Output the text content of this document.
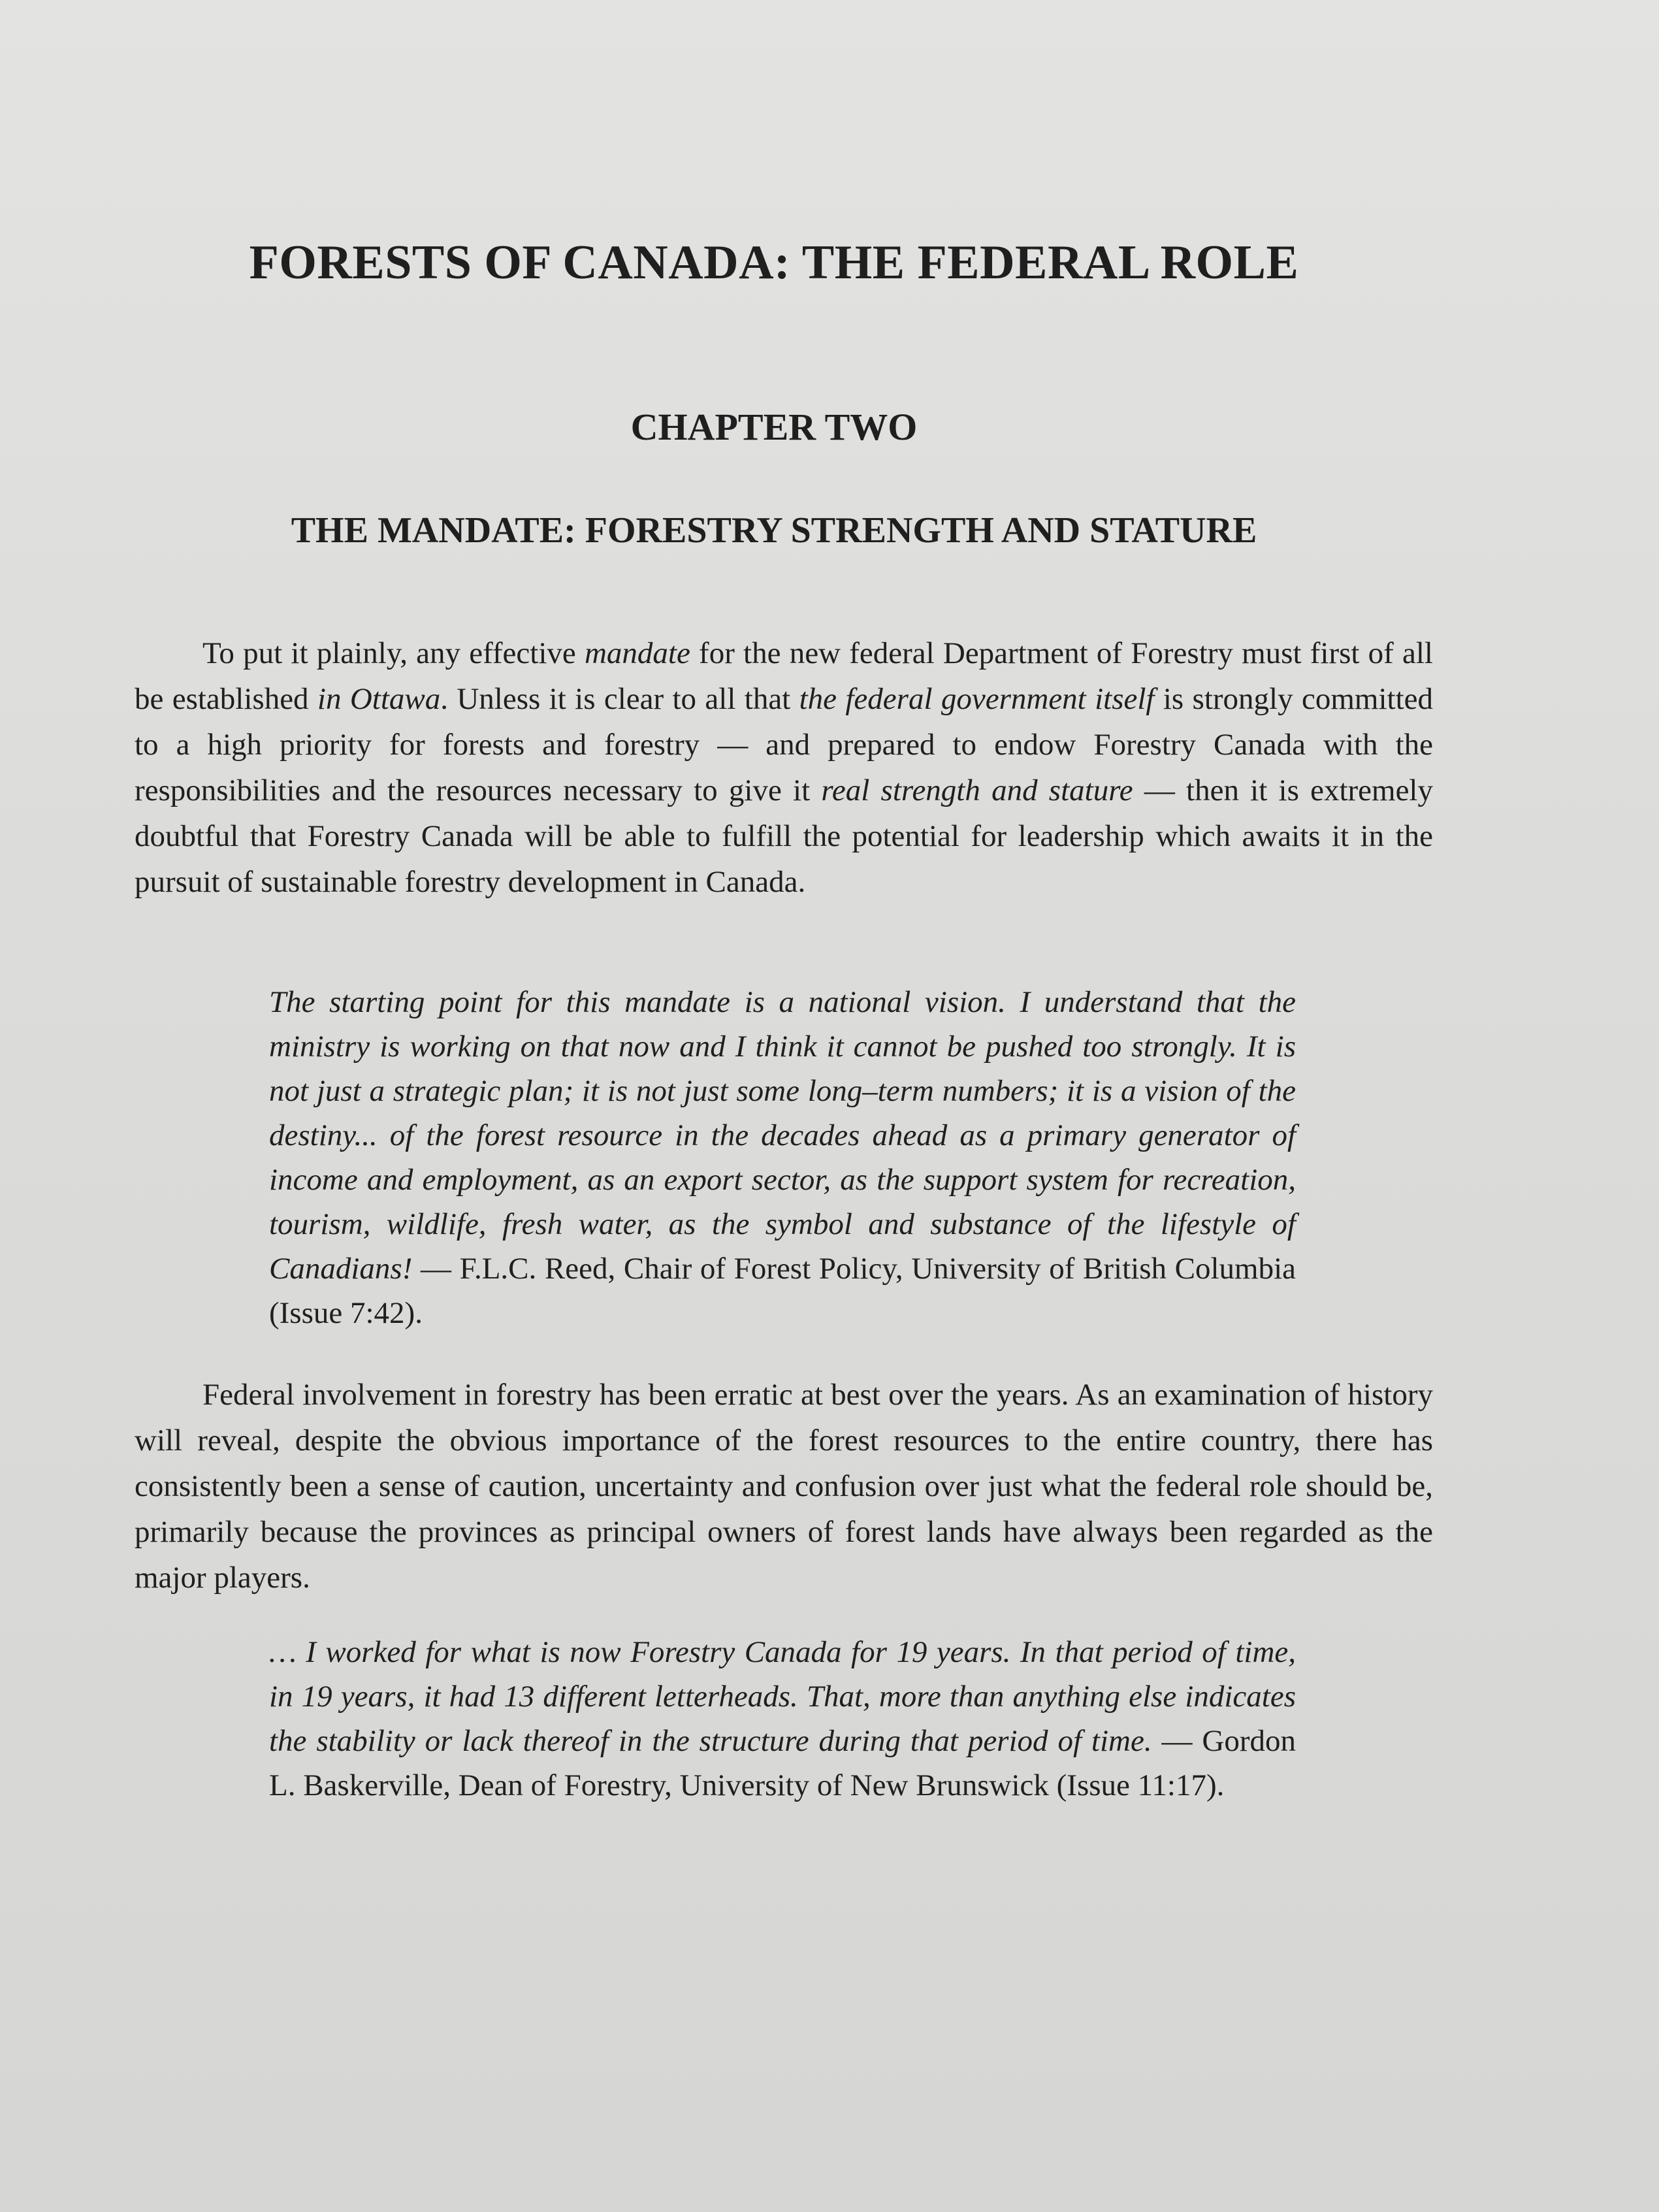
FORESTS OF CANADA: THE FEDERAL ROLE
CHAPTER TWO
THE MANDATE: FORESTRY STRENGTH AND STATURE

To put it plainly, any effective mandate for the new federal Department of Forestry must first of all be established in Ottawa. Unless it is clear to all that the federal government itself is strongly committed to a high priority for forests and forestry — and prepared to endow Forestry Canada with the responsibilities and the resources necessary to give it real strength and stature — then it is extremely doubtful that Forestry Canada will be able to fulfill the potential for leadership which awaits it in the pursuit of sustainable forestry development in Canada.

The starting point for this mandate is a national vision. I understand that the ministry is working on that now and I think it cannot be pushed too strongly. It is not just a strategic plan; it is not just some long–term numbers; it is a vision of the destiny... of the forest resource in the decades ahead as a primary generator of income and employment, as an export sector, as the support system for recreation, tourism, wildlife, fresh water, as the symbol and substance of the lifestyle of Canadians! — F.L.C. Reed, Chair of Forest Policy, University of British Columbia (Issue 7:42).

Federal involvement in forestry has been erratic at best over the years. As an examination of history will reveal, despite the obvious importance of the forest resources to the entire country, there has consistently been a sense of caution, uncertainty and confusion over just what the federal role should be, primarily because the provinces as principal owners of forest lands have always been regarded as the major players.

… I worked for what is now Forestry Canada for 19 years. In that period of time, in 19 years, it had 13 different letterheads. That, more than anything else indicates the stability or lack thereof in the structure during that period of time. — Gordon L. Baskerville, Dean of Forestry, University of New Brunswick (Issue 11:17).
